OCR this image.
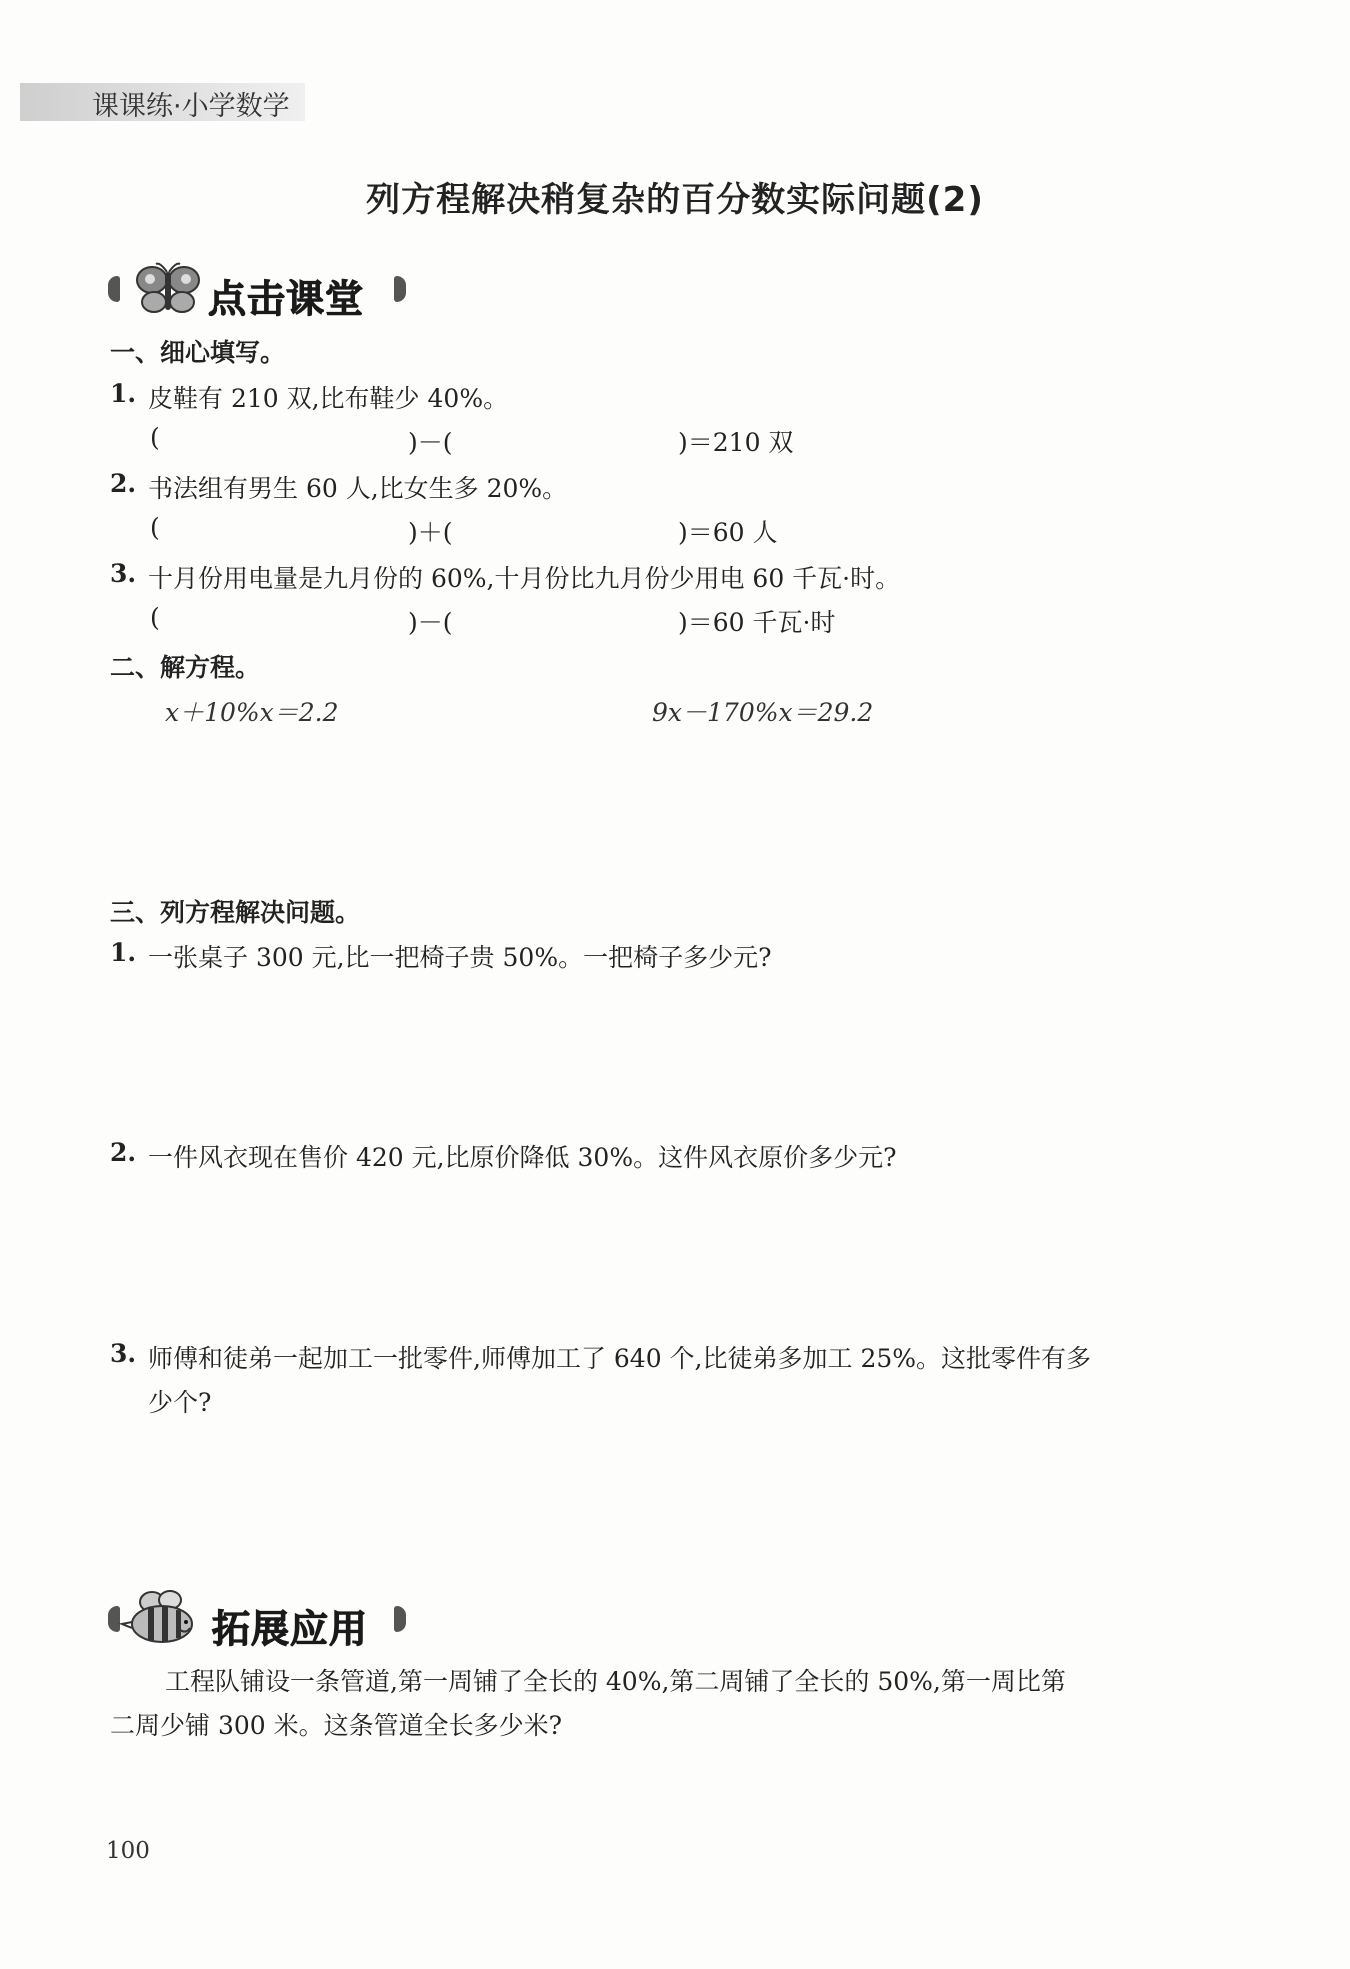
课课练·小学数学
列方程解决稍复杂的百分数实际问题(2)
点击课堂
一、细心填写。
1. 皮鞋有 210 双,比布鞋少 40%。
(	)－(	)＝210 双
2. 书法组有男生 60 人,比女生多 20%。
(	)＋(	)＝60 人
3. 十月份用电量是九月份的 60%,十月份比九月份少用电 60 千瓦·时。
(	)－(	)＝60 千瓦·时
二、解方程。
x＋10%x＝2.2	9x－170%x＝29.2
三、列方程解决问题。
1. 一张桌子 300 元,比一把椅子贵 50%。一把椅子多少元?
2. 一件风衣现在售价 420 元,比原价降低 30%。这件风衣原价多少元?
3. 师傅和徒弟一起加工一批零件,师傅加工了 640 个,比徒弟多加工 25%。这批零件有多
少个?
拓展应用
工程队铺设一条管道,第一周铺了全长的 40%,第二周铺了全长的 50%,第一周比第
二周少铺 300 米。这条管道全长多少米?
100
